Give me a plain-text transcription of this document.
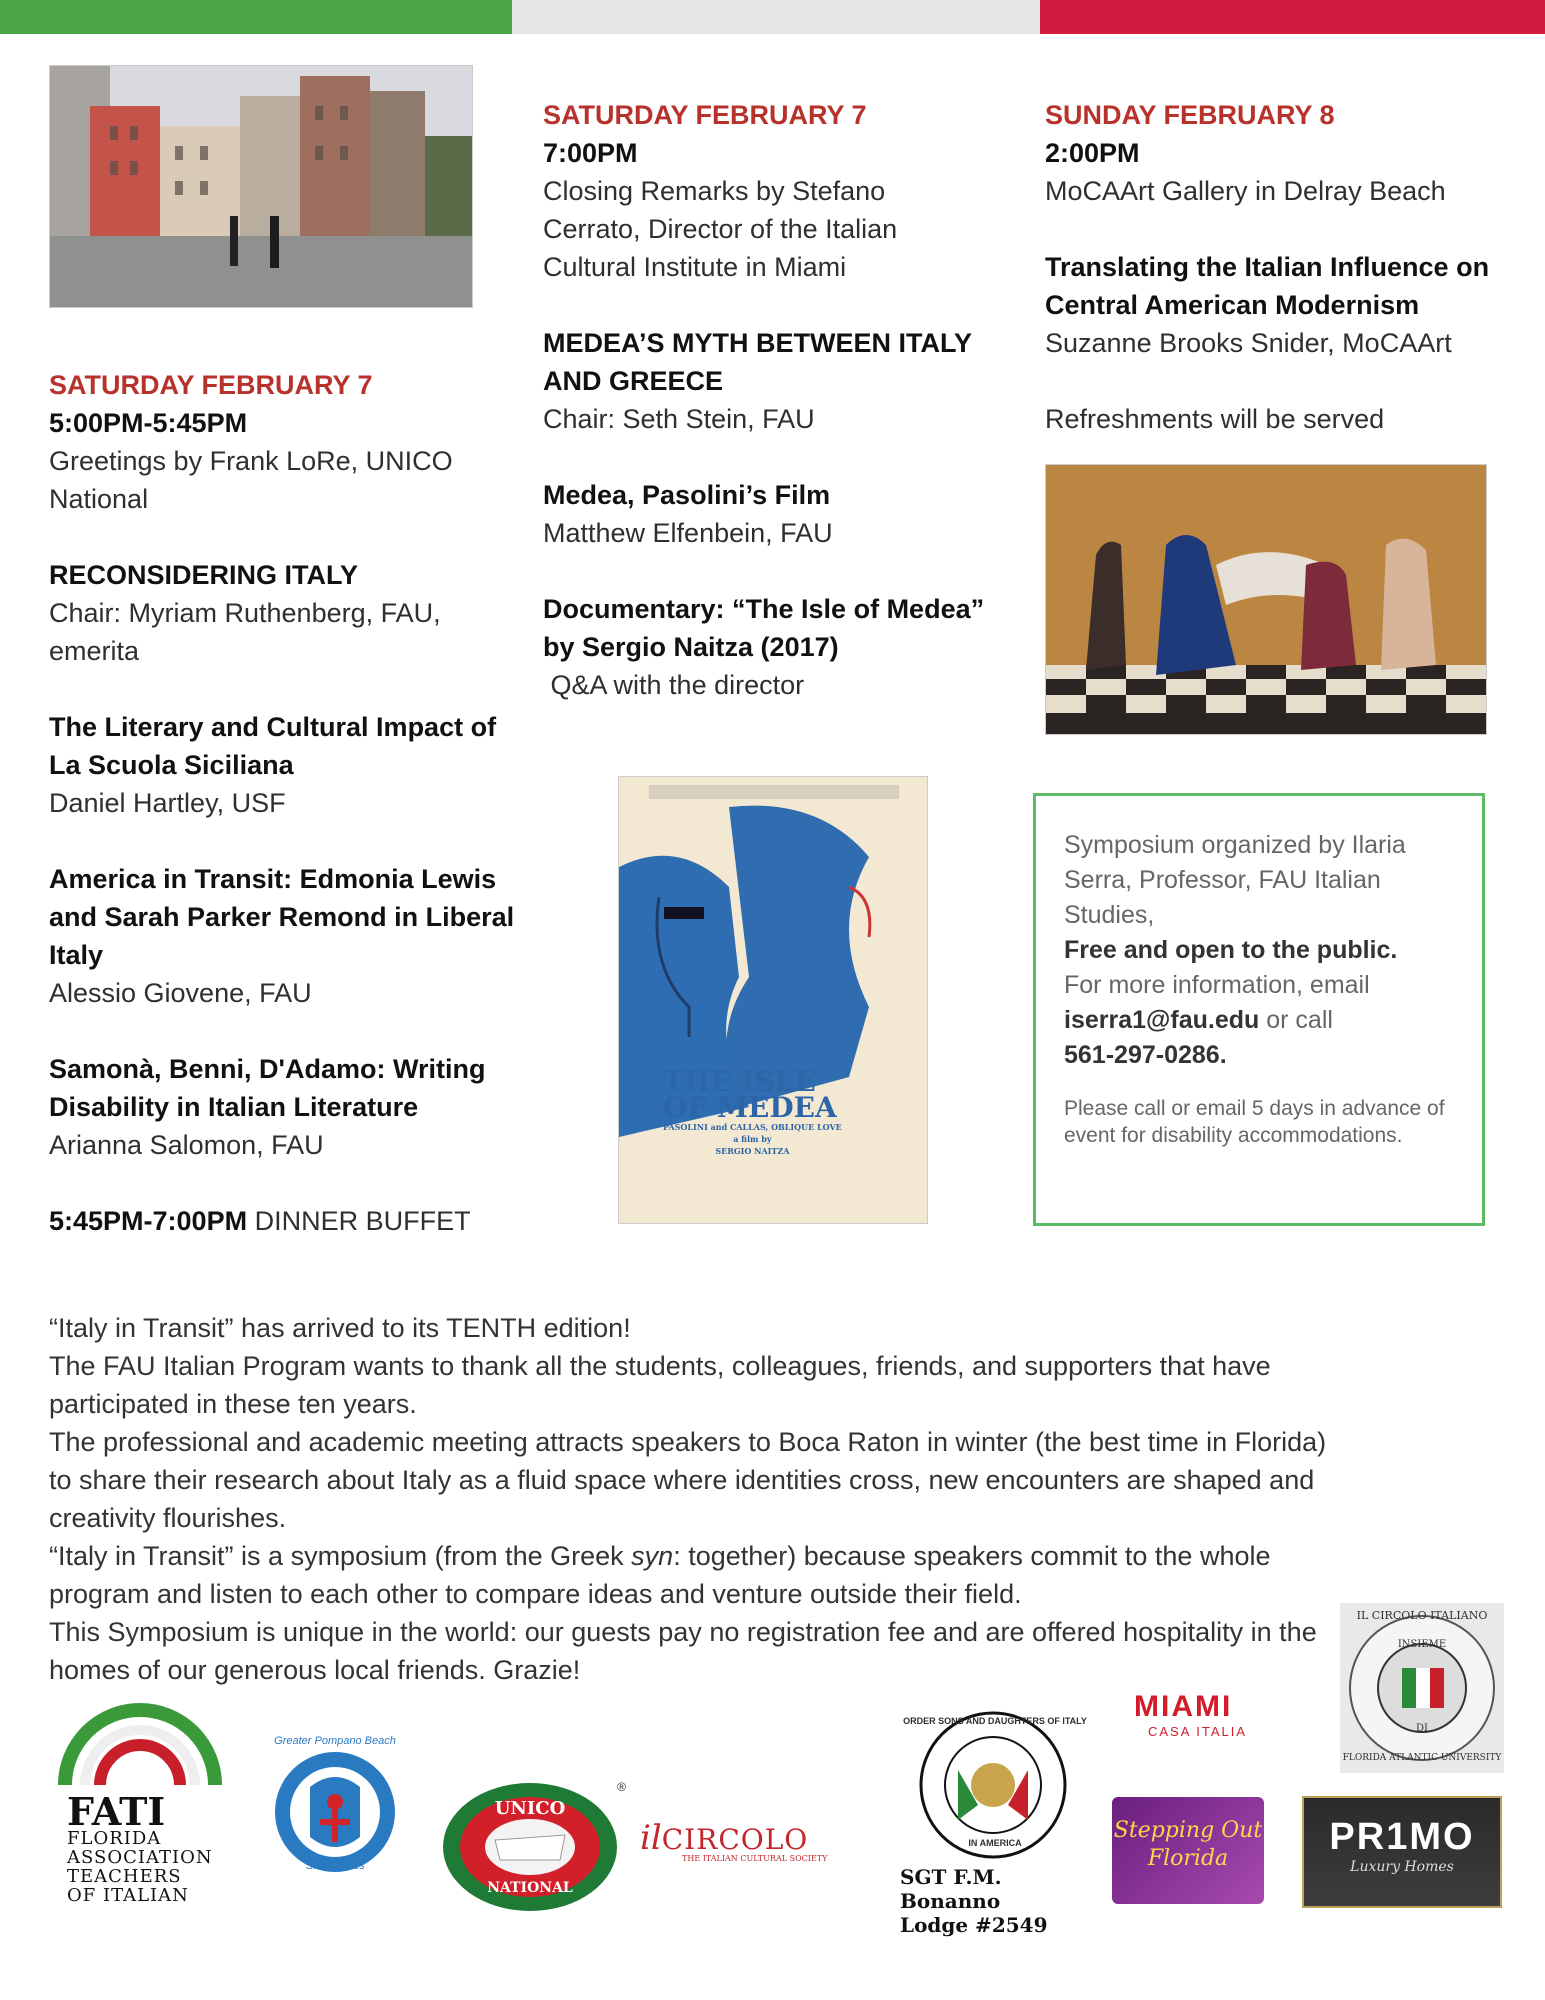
SATURDAY FEBRUARY 7

5:00PM-5:45PM

Greetings by Frank LoRe, UNICO National

RECONSIDERING ITALY

Chair: Myriam Ruthenberg, FAU, emerita

The Literary and Cultural Impact of La Scuola Siciliana

Daniel Hartley, USF

America in Transit: Edmonia Lewis and Sarah Parker Remond in Liberal Italy

Alessio Giovene, FAU

Samonà, Benni, D'Adamo: Writing Disability in Italian Literature

Arianna Salomon, FAU

5:45PM-7:00PM DINNER BUFFET

SATURDAY FEBRUARY 7

7:00PM

Closing Remarks by Stefano Cerrato, Director of the Italian Cultural Institute in Miami

MEDEA’S MYTH BETWEEN ITALY AND GREECE

Chair: Seth Stein, FAU

Medea, Pasolini’s Film

Matthew Elfenbein, FAU

Documentary: “The Isle of Medea” by Sergio Naitza (2017)

Q&A with the director

THE ISLE
OF MEDEA
PASOLINI and CALLAS, OBLIQUE LOVE
a film by
SERGIO NAITZA

SUNDAY FEBRUARY 8

2:00PM

MoCAArt Gallery in Delray Beach

Translating the Italian Influence on Central American Modernism

Suzanne Brooks Snider, MoCAArt

Refreshments will be served

Symposium organized by Ilaria Serra, Professor, FAU Italian Studies,
Free and open to the public.
For more information, email
iserra1@fau.edu or call
561-297-0286.
Please call or email 5 days in advance of event for disability accommodations.

“Italy in Transit” has arrived to its TENTH edition!

The FAU Italian Program wants to thank all the students, colleagues, friends, and supporters that have participated in these ten years.

The professional and academic meeting attracts speakers to Boca Raton in winter (the best time in Florida) to share their research about Italy as a fluid space where identities cross, new encounters are shaped and creativity flourishes.

“Italy in Transit” is a symposium (from the Greek syn: together) because speakers commit to the whole program and listen to each other to compare ideas and venture outside their field.

This Symposium is unique in the world: our guests pay no registration fee and are offered hospitality in the homes of our generous local friends. Grazie!

FATI
FLORIDA
ASSOCIATION
TEACHERS
OF ITALIAN
Greater Pompano Beach
Sister Cities
UNICO
NATIONAL
®
ilCIRCOLO
THE ITALIAN CULTURAL SOCIETY
ORDER SONS AND DAUGHTERS OF ITALY
IN AMERICA
SGT F.M. Bonanno
Lodge #2549
MIAMI
CASA ITALIA
Stepping Out
Florida
IL CIRCOLO ITALIANO
INSIEME
DI
FLORIDA ATLANTIC UNIVERSITY
PR1MO
Luxury Homes
